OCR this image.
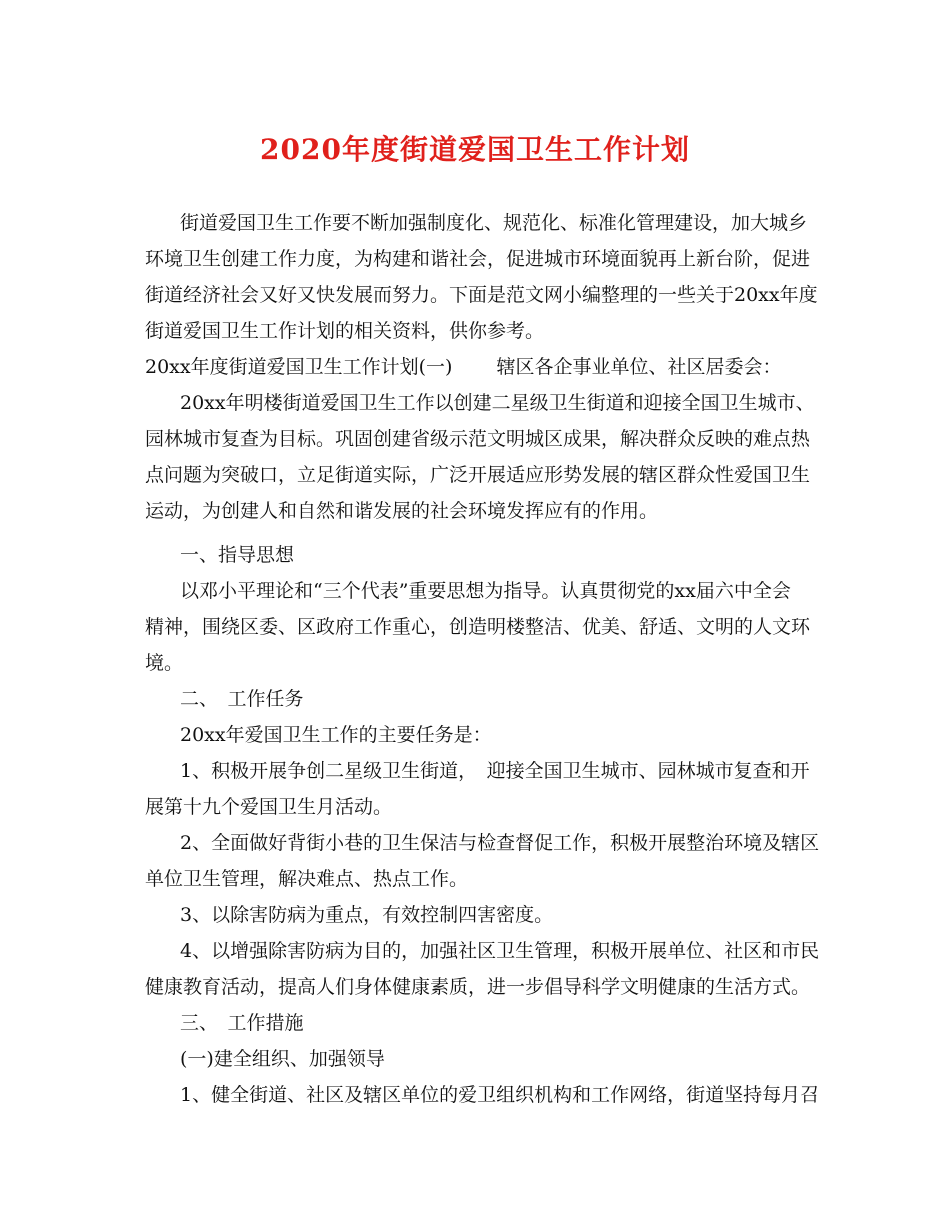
2020年度街道爱国卫生工作计划

街道爱国卫生工作要不断加强制度化、规范化、标准化管理建设，加大城乡

环境卫生创建工作力度，为构建和谐社会，促进城市环境面貌再上新台阶，促进

街道经济社会又好又快发展而努力。下面是范文网小编整理的一些关于20xx年度

街道爱国卫生工作计划的相关资料，供你参考。

20xx年度街道爱国卫生工作计划(一)　　 辖区各企事业单位、社区居委会：

20xx年明楼街道爱国卫生工作以创建二星级卫生街道和迎接全国卫生城市、

园林城市复查为目标。巩固创建省级示范文明城区成果，解决群众反映的难点热

点问题为突破口，立足街道实际，广泛开展适应形势发展的辖区群众性爱国卫生

运动，为创建人和自然和谐发展的社会环境发挥应有的作用。

一、指导思想

以邓小平理论和“三个代表”重要思想为指导。认真贯彻党的xx届六中全会

精神，围绕区委、区政府工作重心，创造明楼整洁、优美、舒适、文明的人文环

境。

二、　工作任务

20xx年爱国卫生工作的主要任务是：

1、积极开展争创二星级卫生街道，　迎接全国卫生城市、园林城市复查和开

展第十九个爱国卫生月活动。

2、全面做好背街小巷的卫生保洁与检查督促工作，积极开展整治环境及辖区

单位卫生管理，解决难点、热点工作。

3、以除害防病为重点，有效控制四害密度。

4、以增强除害防病为目的，加强社区卫生管理，积极开展单位、社区和市民

健康教育活动，提高人们身体健康素质，进一步倡导科学文明健康的生活方式。

三、　工作措施

(一)建全组织、加强领导

1、健全街道、社区及辖区单位的爱卫组织机构和工作网络，街道坚持每月召
